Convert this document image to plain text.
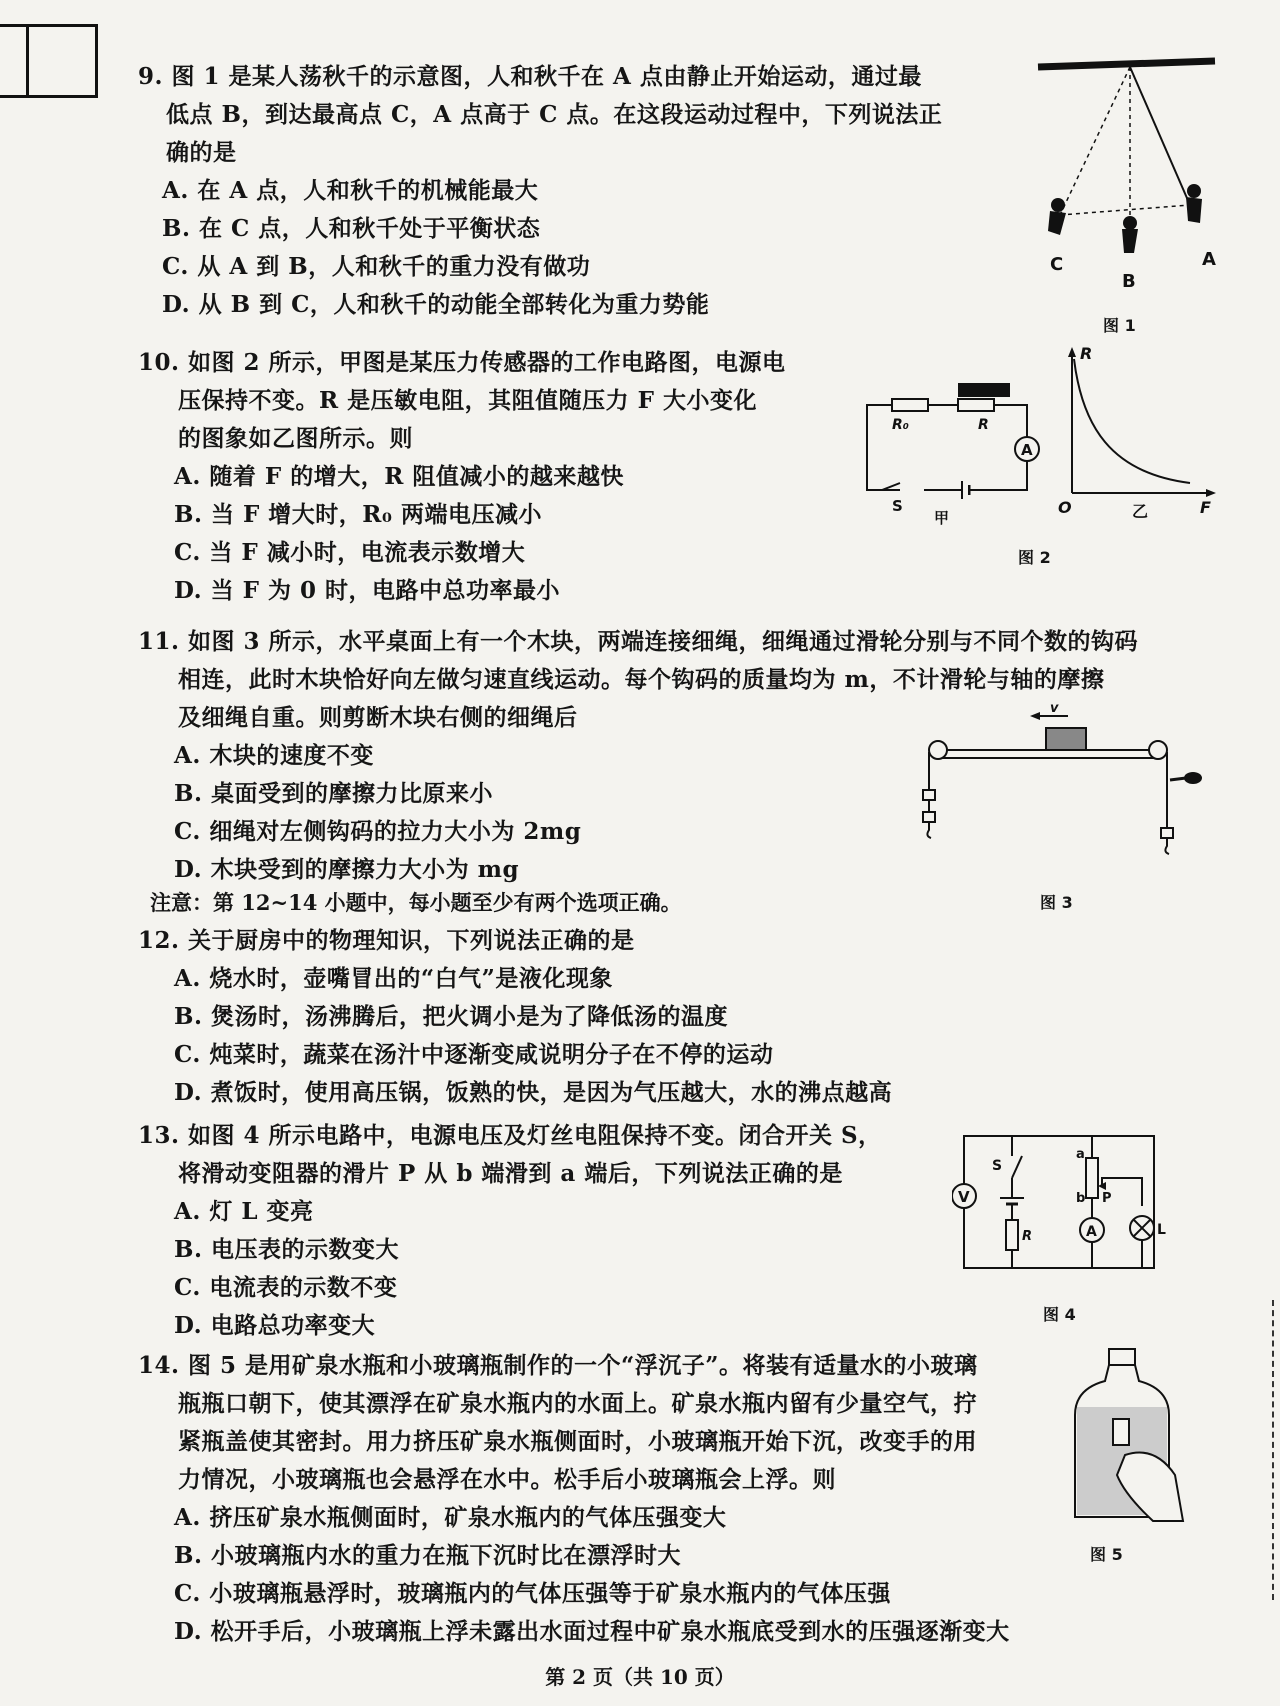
9. 图 1 是某人荡秋千的示意图，人和秋千在 A 点由静止开始运动，通过最
低点 B，到达最高点 C，A 点高于 C 点。在这段运动过程中，下列说法正
确的是
A. 在 A 点，人和秋千的机械能最大
B. 在 C 点，人和秋千处于平衡状态
C. 从 A 到 B，人和秋千的重力没有做功
D. 从 B 到 C，人和秋千的动能全部转化为重力势能
10. 如图 2 所示，甲图是某压力传感器的工作电路图，电源电
压保持不变。R 是压敏电阻，其阻值随压力 F 大小变化
的图象如乙图所示。则
A. 随着 F 的增大，R 阻值减小的越来越快
B. 当 F 增大时，R₀ 两端电压减小
C. 当 F 减小时，电流表示数增大
D. 当 F 为 0 时，电路中总功率最小
11. 如图 3 所示，水平桌面上有一个木块，两端连接细绳，细绳通过滑轮分别与不同个数的钩码
相连，此时木块恰好向左做匀速直线运动。每个钩码的质量均为 m，不计滑轮与轴的摩擦
及细绳自重。则剪断木块右侧的细绳后
A. 木块的速度不变
B. 桌面受到的摩擦力比原来小
C. 细绳对左侧钩码的拉力大小为 2mg
D. 木块受到的摩擦力大小为 mg
注意：第 12~14 小题中，每小题至少有两个选项正确。
12. 关于厨房中的物理知识，下列说法正确的是
A. 烧水时，壶嘴冒出的“白气”是液化现象
B. 煲汤时，汤沸腾后，把火调小是为了降低汤的温度
C. 炖菜时，蔬菜在汤汁中逐渐变咸说明分子在不停的运动
D. 煮饭时，使用高压锅，饭熟的快，是因为气压越大，水的沸点越高
13. 如图 4 所示电路中，电源电压及灯丝电阻保持不变。闭合开关 S，
将滑动变阻器的滑片 P 从 b 端滑到 a 端后，下列说法正确的是
A. 灯 L 变亮
B. 电压表的示数变大
C. 电流表的示数不变
D. 电路总功率变大
14. 图 5 是用矿泉水瓶和小玻璃瓶制作的一个“浮沉子”。将装有适量水的小玻璃
瓶瓶口朝下，使其漂浮在矿泉水瓶内的水面上。矿泉水瓶内留有少量空气，拧
紧瓶盖使其密封。用力挤压矿泉水瓶侧面时，小玻璃瓶开始下沉，改变手的用
力情况，小玻璃瓶也会悬浮在水中。松手后小玻璃瓶会上浮。则
A. 挤压矿泉水瓶侧面时，矿泉水瓶内的气体压强变大
B. 小玻璃瓶内水的重力在瓶下沉时比在漂浮时大
C. 小玻璃瓶悬浮时，玻璃瓶内的气体压强等于矿泉水瓶内的气体压强
D. 松开手后，小玻璃瓶上浮未露出水面过程中矿泉水瓶底受到水的压强逐渐变大
C
B
A
图 1
A
R₀	R
S
甲
R
O	乙	F
图 2
v
图 3
V
S
R
a
b P
A	L
图 4
图 5
第 2 页（共 10 页）
